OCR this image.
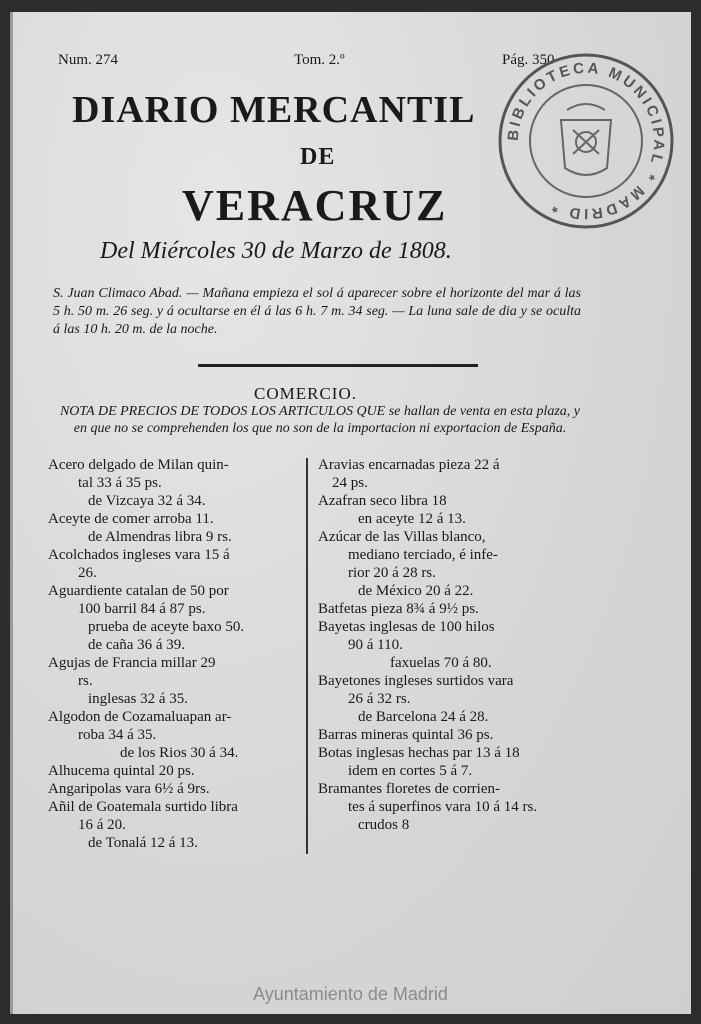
Num. 274	Tom. 2.º	Pág. 350
DIARIO MERCANTIL
DE
VERACRUZ
Del Miércoles 30 de Marzo de 1808.
S. Juan Climaco Abad. — Mañana empieza el sol á aparecer sobre el horizonte del mar á las 5 h. 50 m. 26 seg. y á ocultarse en él á las 6 h. 7 m. 34 seg. — La luna sale de dia y se oculta á las 10 h. 20 m. de la noche.
COMERCIO.
NOTA DE PRECIOS DE TODOS LOS ARTICULOS QUE se hallan de venta en esta plaza, y en que no se comprehenden los que no son de la importacion ni exportacion de España.
Acero delgado de Milan quin-
tal 33 á 35 ps.
de Vizcaya 32 á 34.
Aceyte de comer arroba 11.
de Almendras libra 9 rs.
Acolchados ingleses vara 15 á
26.
Aguardiente catalan de 50 por
100 barril 84 á 87 ps.
prueba de aceyte baxo 50.
de caña 36 á 39.
Agujas de Francia millar 29
rs.
inglesas 32 á 35.
Algodon de Cozamaluapan ar-
roba 34 á 35.
de los Rios 30 á 34.
Alhucema quintal 20 ps.
Angaripolas vara 6½ á 9rs.
Añil de Goatemala surtido libra
16 á 20.
de Tonalá 12 á 13.
Aravias encarnadas pieza 22 á
24 ps.
Azafran seco libra 18
en aceyte 12 á 13.
Azúcar de las Villas blanco,
mediano terciado, é infe-
rior 20 á 28 rs.
de México 20 á 22.
Batfetas pieza 8¾ á 9½ ps.
Bayetas inglesas de 100 hilos
90 á 110.
faxuelas 70 á 80.
Bayetones ingleses surtidos vara
26 á 32 rs.
de Barcelona 24 á 28.
Barras mineras quintal 36 ps.
Botas inglesas hechas par 13 á 18
idem en cortes 5 á 7.
Bramantes floretes de corrien-
tes á superfinos vara 10 á 14 rs.
crudos 8
BIBLIOTECA MUNICIPAL * MADRID *
Ayuntamiento de Madrid
